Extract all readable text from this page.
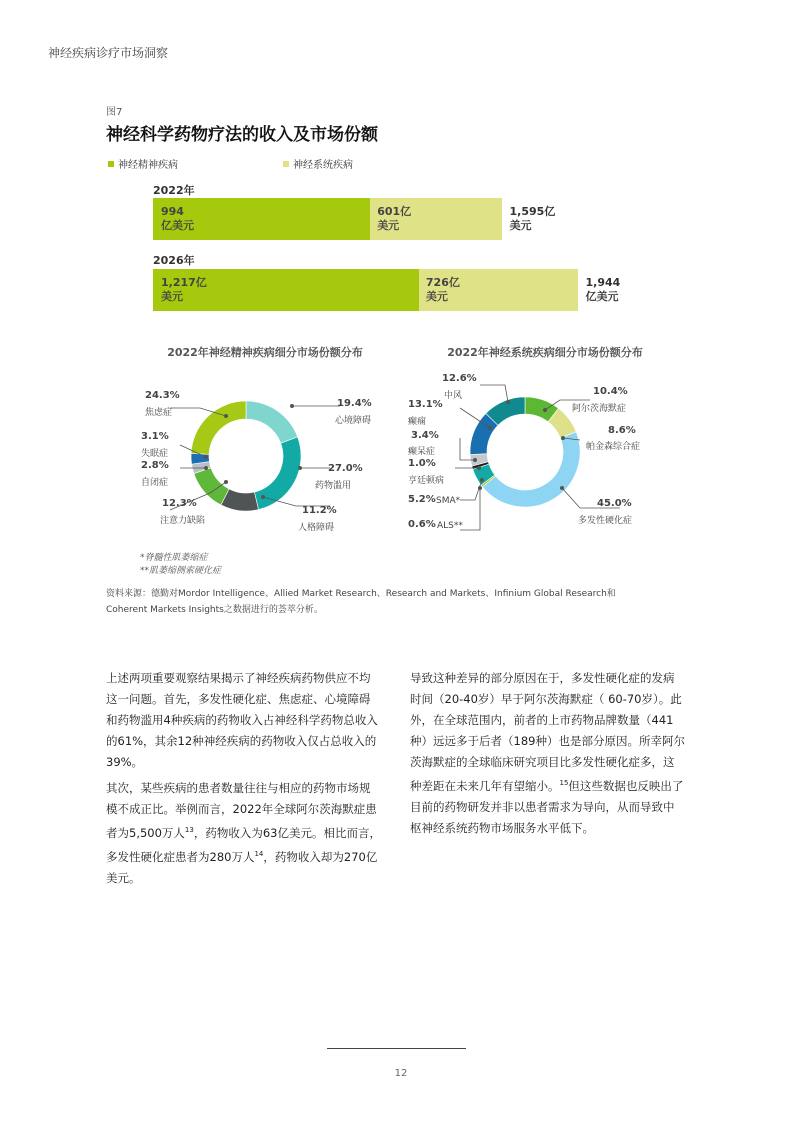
神经疾病诊疗市场洞察
图7
神经科学药物疗法的收入及市场份额
神经精神疾病	神经系统疾病
2022年
994
亿美元
601亿
美元
1,595亿
美元
2026年
1,217亿
美元
726亿
美元
1,944
亿美元
2022年神经精神疾病细分市场份额分布	2022年神经系统疾病细分市场份额分布
19.4%
心境障碍
27.0%
药物滥用
11.2%
人格障碍
12.3%
注意力缺陷
2.8%
自闭症
3.1%
失眠症
24.3%
焦虑症
10.4%
阿尔茨海默症
8.6%
帕金森综合症
45.0%
多发性硬化症
0.6% ALS**
5.2% SMA*
1.0%
亨廷顿病
3.4%
癫呆症
13.1%
癫痫
12.6%
中风
*脊髓性肌萎缩症
**肌萎缩侧索硬化症
资料来源：德勤对Mordor Intelligence、Allied Market Research、Research and Markets、Infinium Global Research和
Coherent Markets Insights之数据进行的荟萃分析。
上述两项重要观察结果揭示了神经疾病药物供应不均这一问题。首先，多发性硬化症、焦虑症、心境障碍和药物滥用4种疾病的药物收入占神经科学药物总收入的61%，其余12种神经疾病的药物收入仅占总收入的39%。
其次，某些疾病的患者数量往往与相应的药物市场规模不成正比。举例而言，2022年全球阿尔茨海默症患者为5,500万人$^{13}$，药物收入为63亿美元。相比而言，多发性硬化症患者为280万人$^{14}$，药物收入却为270亿美元。
导致这种差异的部分原因在于，多发性硬化症的发病时间（20-40岁）早于阿尔茨海默症（ 60-70岁）。此外，在全球范围内，前者的上市药物品牌数量（441种）远远多于后者（189种）也是部分原因。所幸阿尔茨海默症的全球临床研究项目比多发性硬化症多，这种差距在未来几年有望缩小。$^{15}$但这些数据也反映出了目前的药物研发并非以患者需求为导向，从而导致中枢神经系统药物市场服务水平低下。
12
